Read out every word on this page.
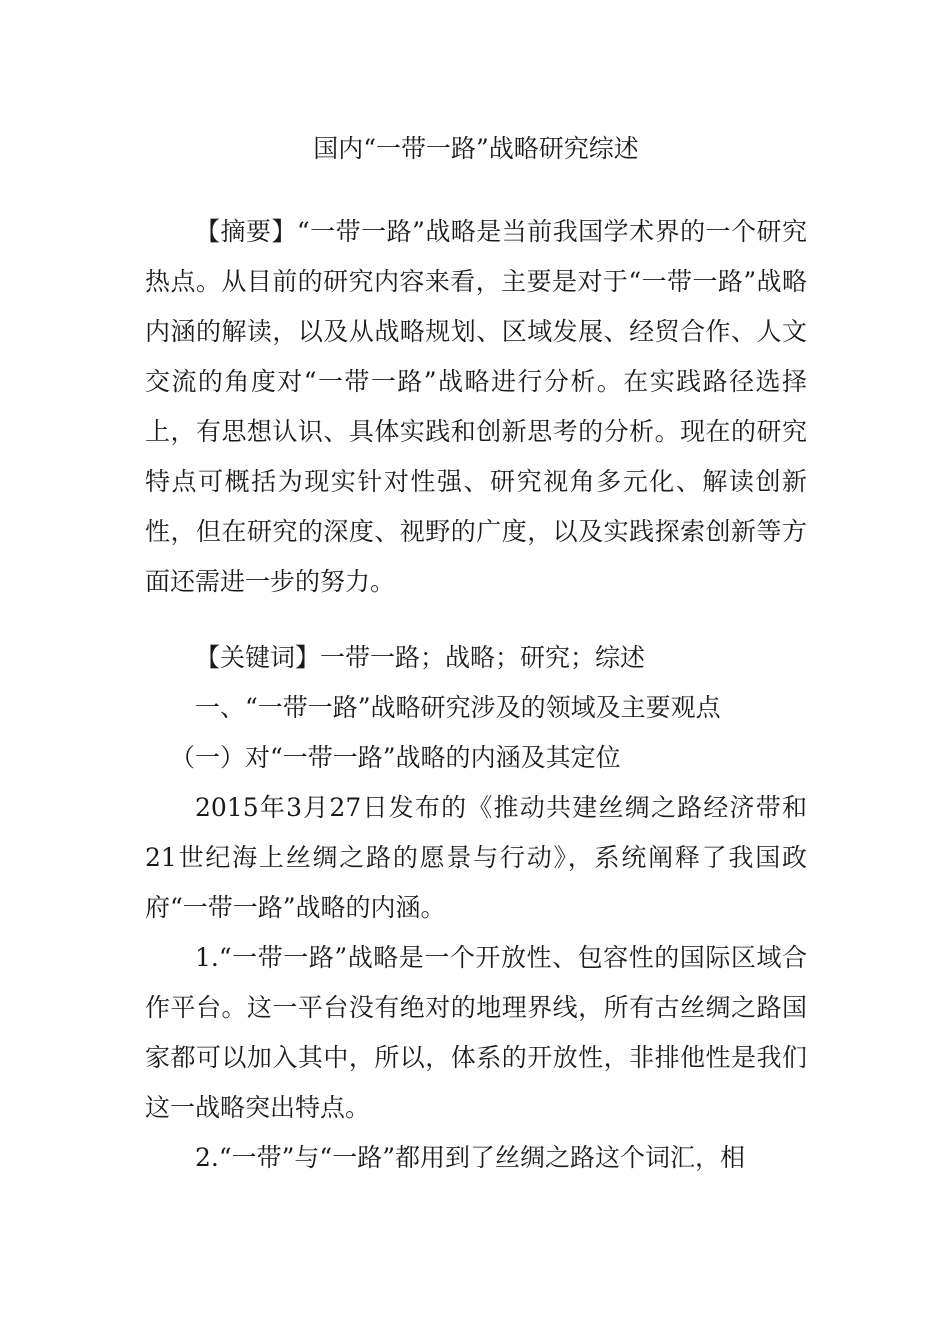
国内“一带一路”战略研究综述

【摘要】“一带一路”战略是当前我国学术界的一个研究热点。从目前的研究内容来看，主要是对于“一带一路”战略内涵的解读，以及从战略规划、区域发展、经贸合作、人文交流的角度对“一带一路”战略进行分析。在实践路径选择上，有思想认识、具体实践和创新思考的分析。现在的研究特点可概括为现实针对性强、研究视角多元化、解读创新性，但在研究的深度、视野的广度，以及实践探索创新等方面还需进一步的努力。

【关键词】一带一路；战略；研究；综述

一、“一带一路”战略研究涉及的领域及主要观点

（一）对“一带一路”战略的内涵及其定位

2015年3月27日发布的《推动共建丝绸之路经济带和21世纪海上丝绸之路的愿景与行动》，系统阐释了我国政府“一带一路”战略的内涵。

1.“一带一路”战略是一个开放性、包容性的国际区域合作平台。这一平台没有绝对的地理界线，所有古丝绸之路国家都可以加入其中，所以，体系的开放性，非排他性是我们这一战略突出特点。

2.“一带”与“一路”都用到了丝绸之路这个词汇，相
